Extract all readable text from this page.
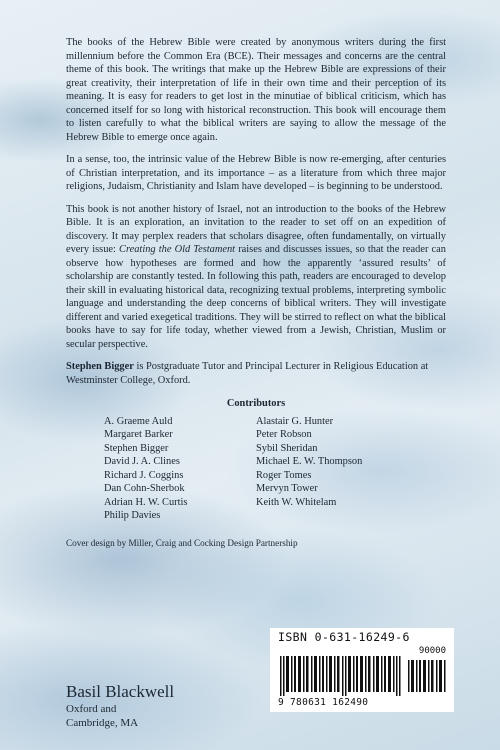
The books of the Hebrew Bible were created by anonymous writers during the first millennium before the Common Era (BCE). Their messages and concerns are the central theme of this book. The writings that make up the Hebrew Bible are expressions of their great creativity, their interpretation of life in their own time and their perception of its meaning. It is easy for readers to get lost in the minutiae of biblical criticism, which has concerned itself for so long with historical reconstruction. This book will encourage them to listen carefully to what the biblical writers are saying to allow the message of the Hebrew Bible to emerge once again.

In a sense, too, the intrinsic value of the Hebrew Bible is now re-emerging, after centuries of Christian interpretation, and its importance – as a literature from which three major religions, Judaism, Christianity and Islam have developed – is beginning to be understood.

This book is not another history of Israel, not an introduction to the books of the Hebrew Bible. It is an exploration, an invitation to the reader to set off on an expedition of discovery. It may perplex readers that scholars disagree, often fundamentally, on virtually every issue: Creating the Old Testament raises and discusses issues, so that the reader can observe how hypotheses are formed and how the apparently ‘assured results’ of scholarship are constantly tested. In following this path, readers are encouraged to develop their skill in evaluating historical data, recognizing textual problems, interpreting symbolic language and understanding the deep concerns of biblical writers. They will investigate different and varied exegetical traditions. They will be stirred to reflect on what the biblical books have to say for life today, whether viewed from a Jewish, Christian, Muslim or secular perspective.

Stephen Bigger is Postgraduate Tutor and Principal Lecturer in Religious Education at Westminster College, Oxford.

Contributors
A. Graeme Auld
Margaret Barker
Stephen Bigger
David J. A. Clines
Richard J. Coggins
Dan Cohn-Sherbok
Adrian H. W. Curtis
Philip Davies
Alastair G. Hunter
Peter Robson
Sybil Sheridan
Michael E. W. Thompson
Roger Tomes
Mervyn Tower
Keith W. Whitelam
Cover design by Miller, Craig and Cocking Design Partnership
ISBN 0-631-16249-6
90000
9 780631 162490
Basil Blackwell
Oxford and
Cambridge, MA
